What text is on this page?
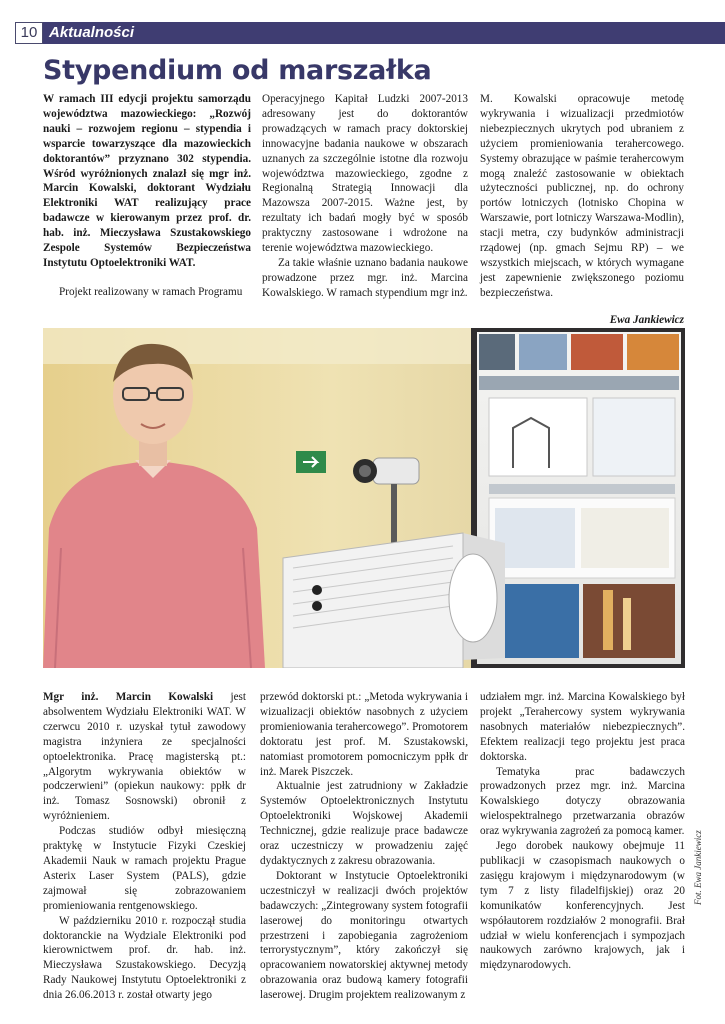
10 Aktualności
Stypendium od marszałka

W ramach III edycji projektu samorządu województwa mazowieckiego: „Rozwój nauki – rozwojem regionu – stypendia i wsparcie towarzyszące dla mazowieckich doktorantów” przyznano 302 stypendia. Wśród wyróżnionych znalazł się mgr inż. Marcin Kowalski, doktorant Wydziału Elektroniki WAT realizujący prace badawcze w kierowanym przez prof. dr. hab. inż. Mieczysława Szustakowskiego Zespole Systemów Bezpieczeństwa Instytutu Optoelektroniki WAT.

Projekt realizowany w ramach Programu

Operacyjnego Kapitał Ludzki 2007-2013 adresowany jest do doktorantów prowadzących w ramach pracy doktorskiej innowacyjne badania naukowe w obszarach uznanych za szczególnie istotne dla rozwoju województwa mazowieckiego, zgodne z Regionalną Strategią Innowacji dla Mazowsza 2007-2015. Ważne jest, by rezultaty ich badań mogły być w sposób praktyczny zastosowane i wdrożone na terenie województwa mazowieckiego.

Za takie właśnie uznano badania naukowe prowadzone przez mgr. inż. Marcina Kowalskiego. W ramach stypendium mgr inż.

M. Kowalski opracowuje metodę wykrywania i wizualizacji przedmiotów niebezpiecznych ukrytych pod ubraniem z użyciem promieniowania terahercowego. Systemy obrazujące w paśmie terahercowym mogą znaleźć zastosowanie w obiektach użyteczności publicznej, np. do ochrony portów lotniczych (lotnisko Chopina w Warszawie, port lotniczy Warszawa-Modlin), stacji metra, czy budynków administracji rządowej (np. gmach Sejmu RP) – we wszystkich miejscach, w których wymagane jest zapewnienie zwiększonego poziomu bezpieczeństwa.

Ewa Jankiewicz

Mgr inż. Marcin Kowalski jest absolwentem Wydziału Elektroniki WAT. W czerwcu 2010 r. uzyskał tytuł zawodowy magistra inżyniera ze specjalności optoelektronika. Pracę magisterską pt.: „Algorytm wykrywania obiektów w podczerwieni” (opiekun naukowy: ppłk dr inż. Tomasz Sosnowski) obronił z wyróżnieniem.

Podczas studiów odbył miesięczną praktykę w Instytucie Fizyki Czeskiej Akademii Nauk w ramach projektu Prague Asterix Laser System (PALS), gdzie zajmował się zobrazowaniem promieniowania rentgenowskiego.

W październiku 2010 r. rozpoczął studia doktoranckie na Wydziale Elektroniki pod kierownictwem prof. dr. hab. inż. Mieczysława Szustakowskiego. Decyzją Rady Naukowej Instytutu Optoelektroniki z dnia 26.06.2013 r. został otwarty jego

przewód doktorski pt.: „Metoda wykrywania i wizualizacji obiektów nasobnych z użyciem promieniowania terahercowego”. Promotorem doktoratu jest prof. M. Szustakowski, natomiast promotorem pomocniczym ppłk dr inż. Marek Piszczek.

Aktualnie jest zatrudniony w Zakładzie Systemów Optoelektronicznych Instytutu Optoelektroniki Wojskowej Akademii Technicznej, gdzie realizuje prace badawcze oraz uczestniczy w prowadzeniu zajęć dydaktycznych z zakresu obrazowania.

Doktorant w Instytucie Optoelektroniki uczestniczył w realizacji dwóch projektów badawczych: „Zintegrowany system fotografii laserowej do monitoringu otwartych przestrzeni i zapobiegania zagrożeniom terrorystycznym”, który zakończył się opracowaniem nowatorskiej aktywnej metody obrazowania oraz budową kamery fotografii laserowej. Drugim projektem realizowanym z

udziałem mgr. inż. Marcina Kowalskiego był projekt „Terahercowy system wykrywania nasobnych materiałów niebezpiecznych”. Efektem realizacji tego projektu jest praca doktorska.

Tematyka prac badawczych prowadzonych przez mgr. inż. Marcina Kowalskiego dotyczy obrazowania wielospektralnego przetwarzania obrazów oraz wykrywania zagrożeń za pomocą kamer.

Jego dorobek naukowy obejmuje 11 publikacji w czasopismach naukowych o zasięgu krajowym i międzynarodowym (w tym 7 z listy filadelfijskiej) oraz 20 komunikatów konferencyjnych. Jest współautorem rozdziałów 2 monografii. Brał udział w wielu konferencjach i sympozjach naukowych zarówno krajowych, jak i międzynarodowych.

Fot. Ewa Jankiewicz
